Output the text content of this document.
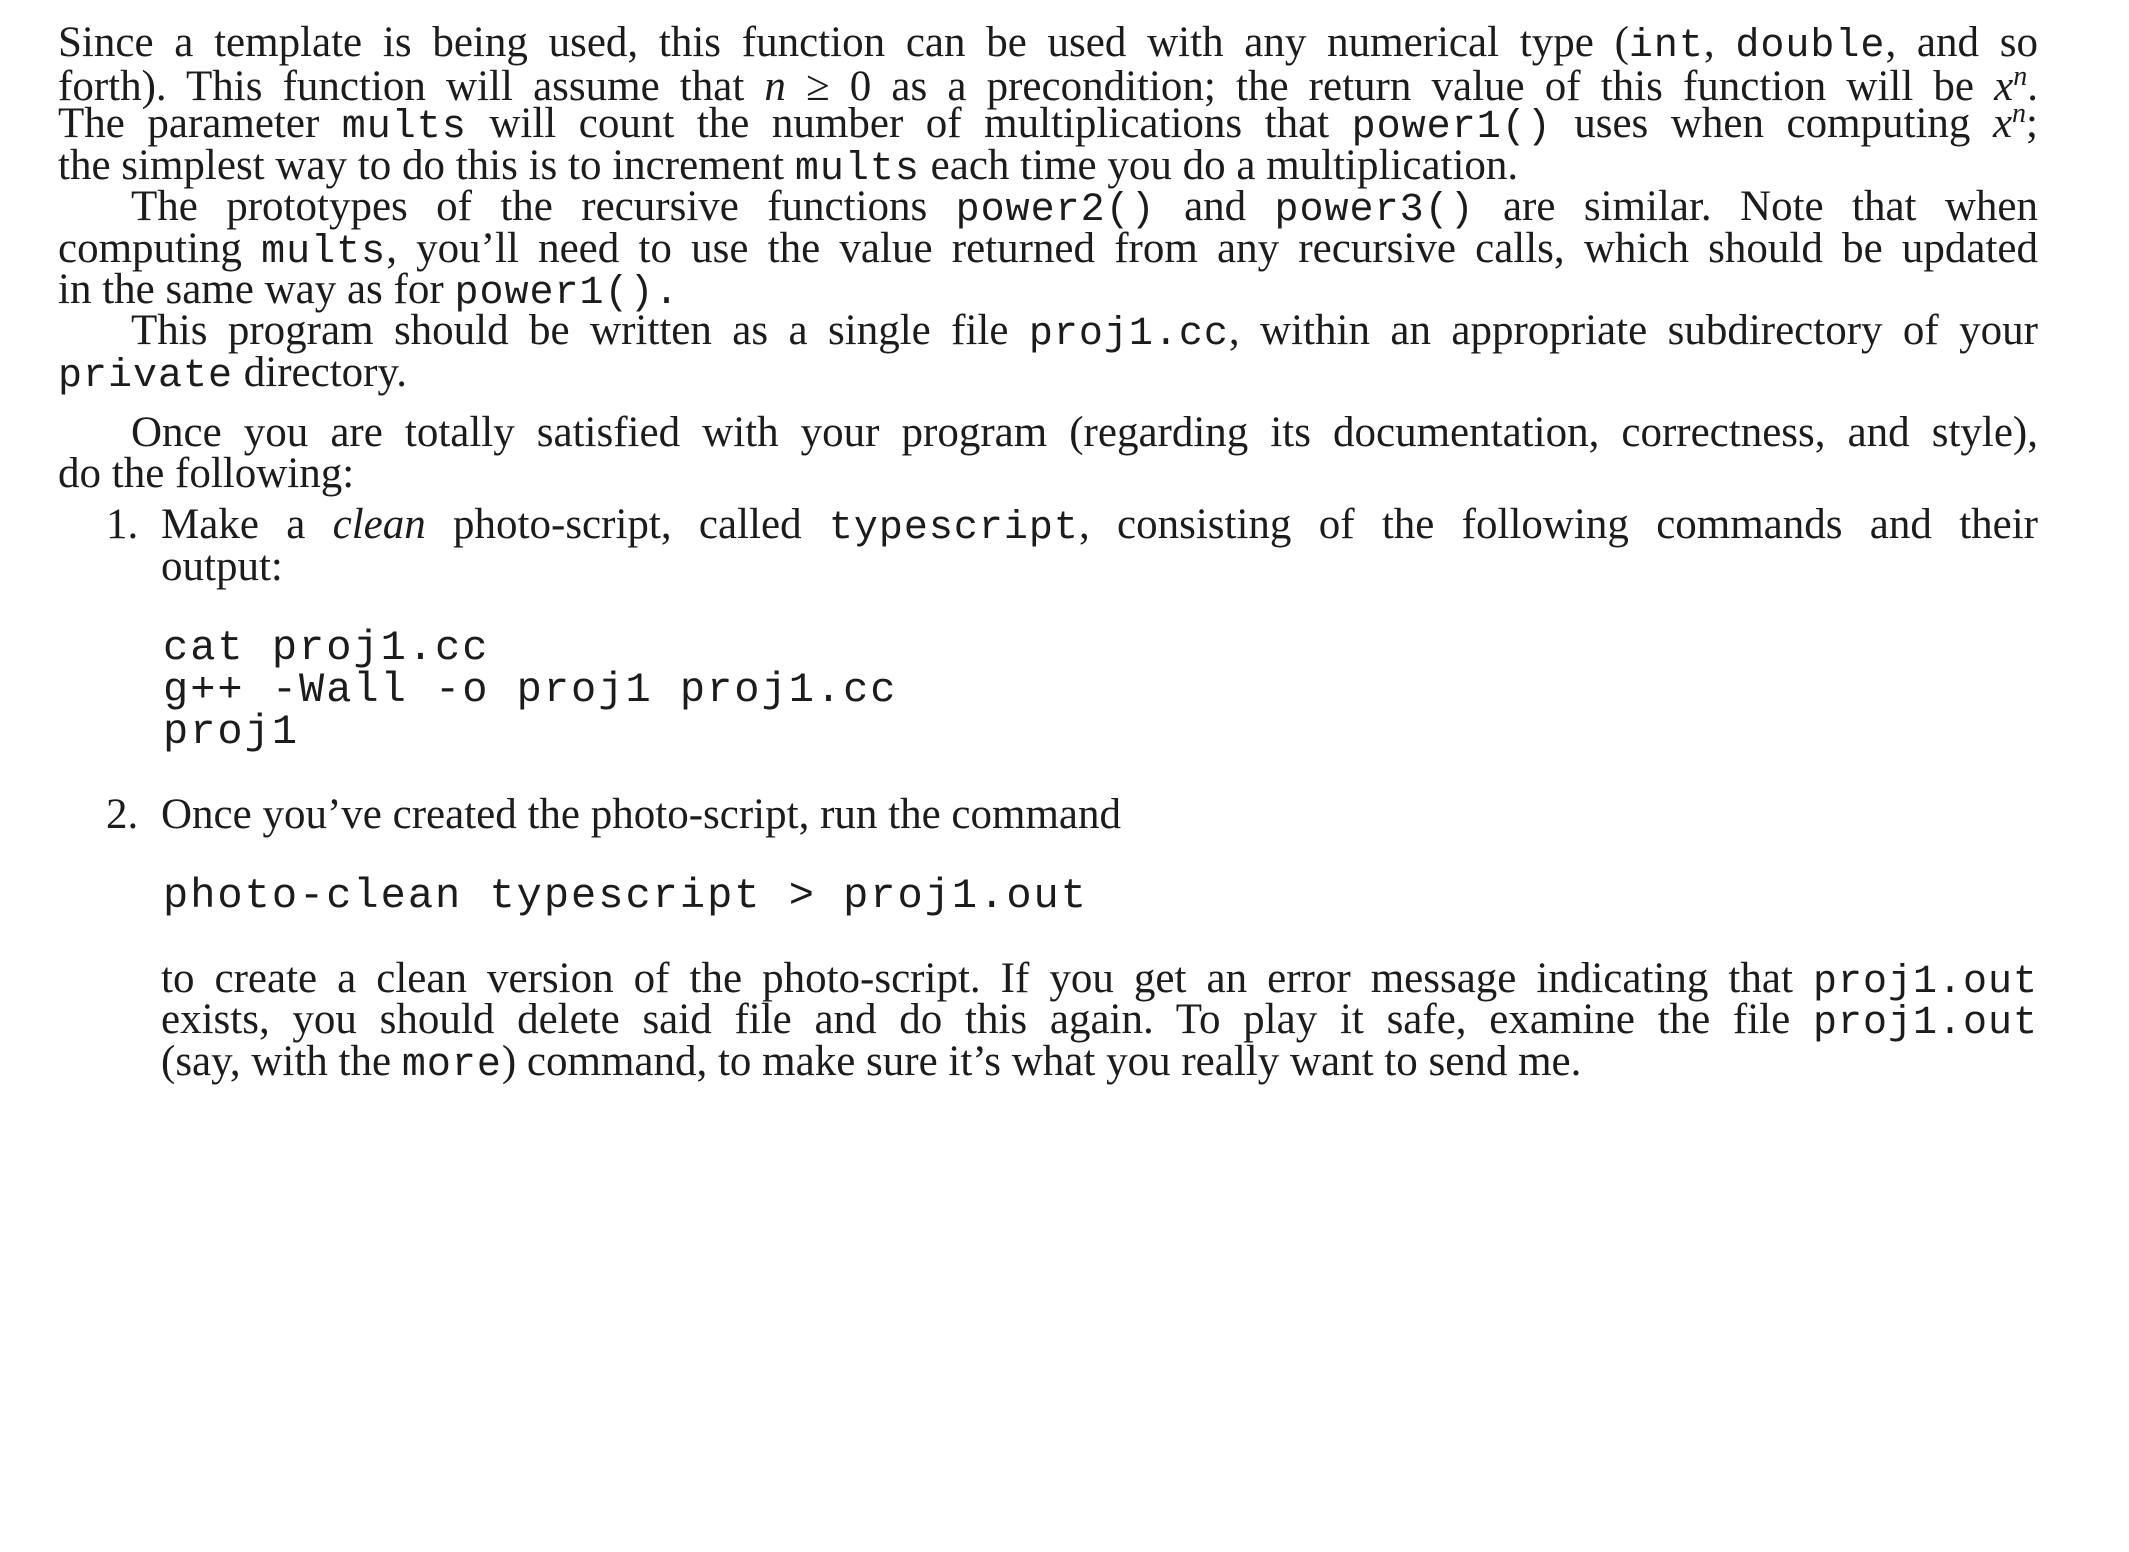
Since a template is being used, this function can be used with any numerical type (int, double, and so
forth). This function will assume that n ≥ 0 as a precondition; the return value of this function will be $x^n$.
The parameter mults will count the number of multiplications that power1() uses when computing $x^n$;
the simplest way to do this is to increment mults each time you do a multiplication.
The prototypes of the recursive functions power2() and power3() are similar. Note that when
computing mults, you’ll need to use the value returned from any recursive calls, which should be updated
in the same way as for power1().
This program should be written as a single file proj1.cc, within an appropriate subdirectory of your
private directory.
Once you are totally satisfied with your program (regarding its documentation, correctness, and style),
do the following:
1. Make a clean photo-script, called typescript, consisting of the following commands and their
output:
cat proj1.cc
g++ -Wall -o proj1 proj1.cc
proj1
2. Once you’ve created the photo-script, run the command
photo-clean typescript > proj1.out
to create a clean version of the photo-script. If you get an error message indicating that proj1.out
exists, you should delete said file and do this again. To play it safe, examine the file proj1.out
(say, with the more) command, to make sure it’s what you really want to send me.
